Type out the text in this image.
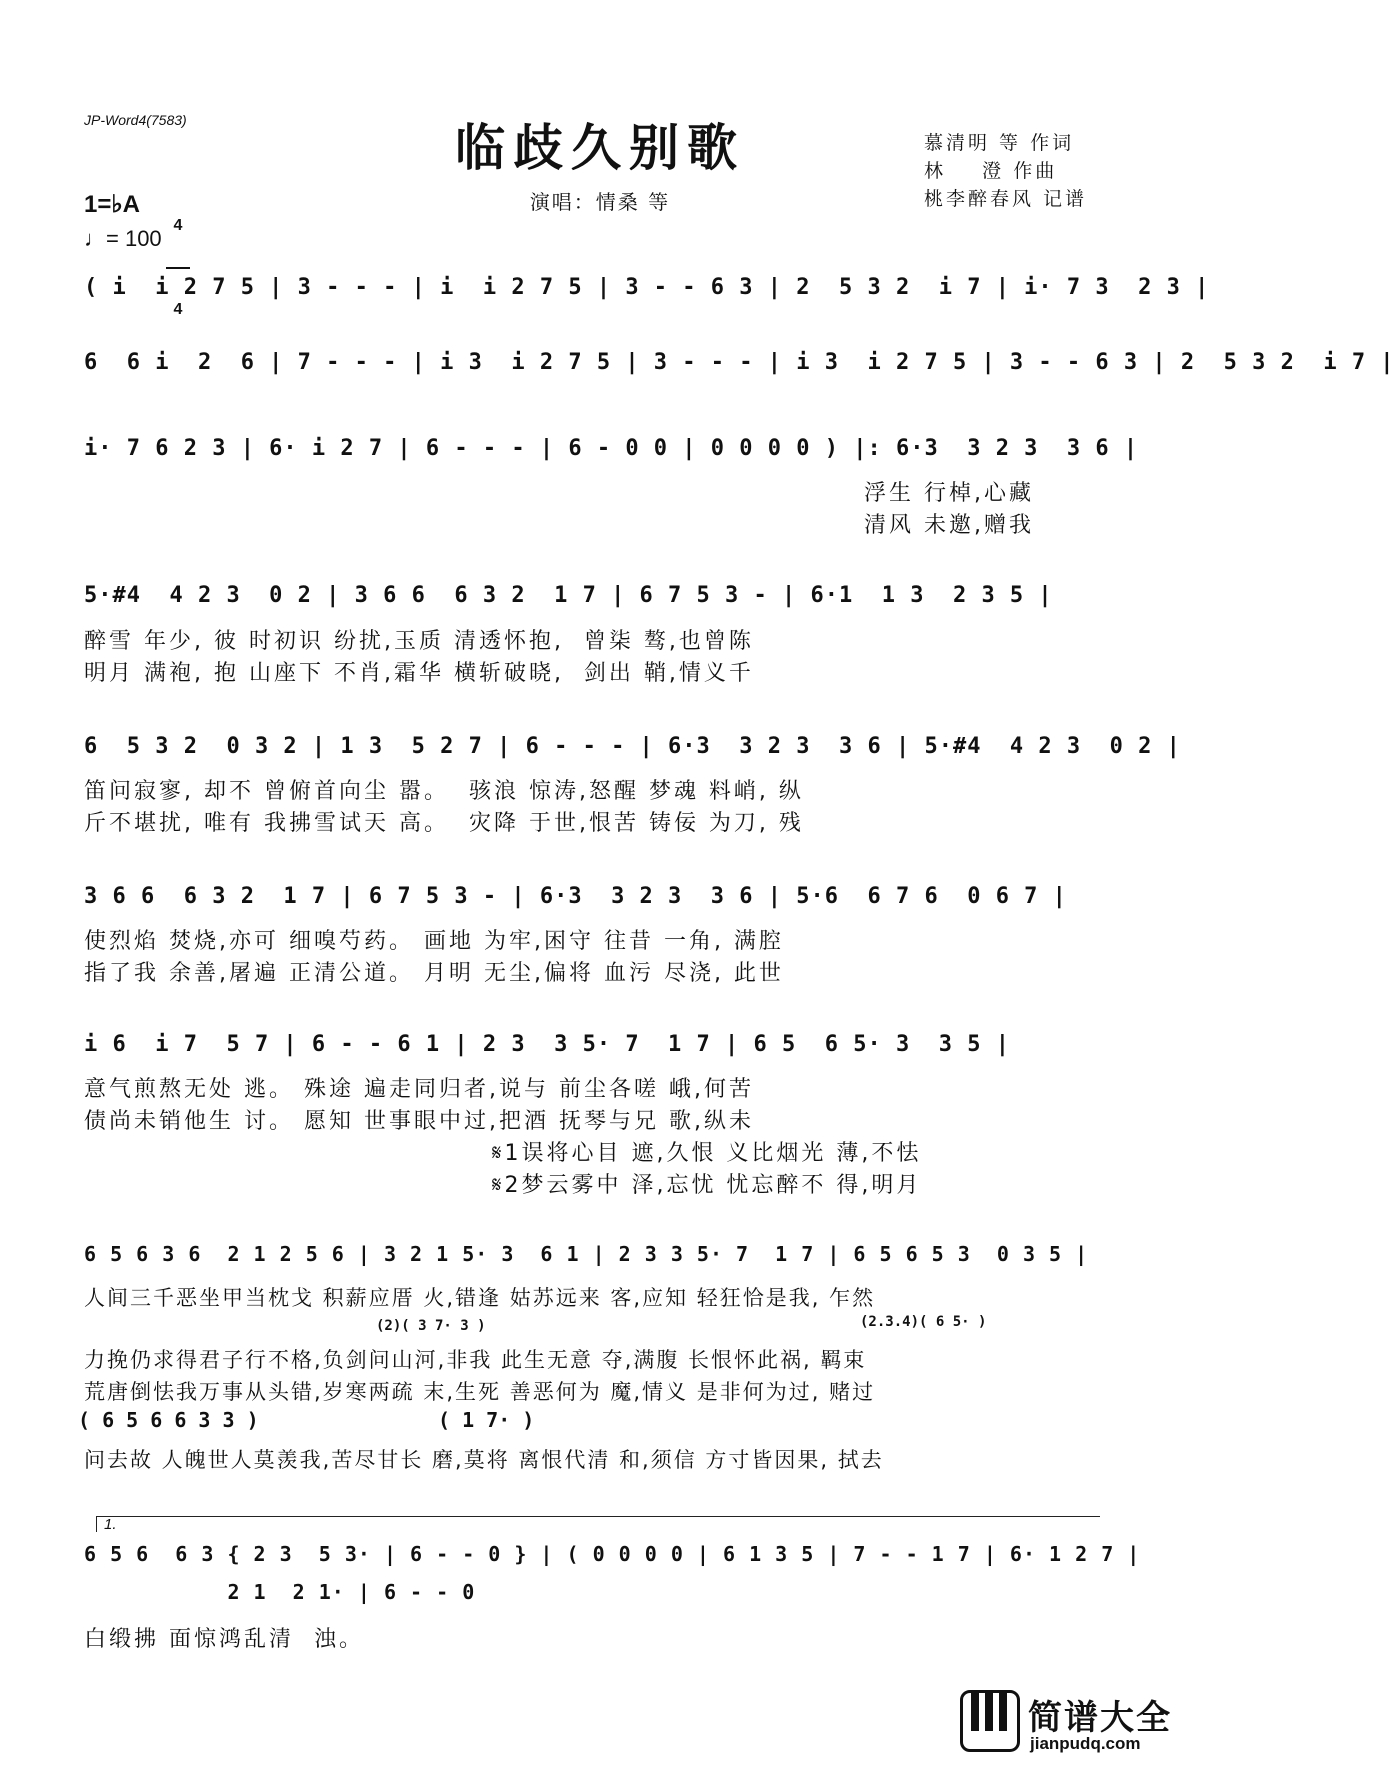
JP-Word4(7583)	临歧久别歌	慕清明 等 作词
林    澄 作曲
桃李醉春风 记谱
演唱：情桑 等
1=♭A

4

4

♩= 100
( i  i 2 7 5 | 3 - - - | i  i 2 7 5 | 3 - - 6 3 | 2  5 3 2  i 7 | i· 7 3  2 3 |
6  6 i  2  6 | 7 - - - | i 3  i 2 7 5 | 3 - - - | i 3  i 2 7 5 | 3 - - 6 3 | 2  5 3 2  i 7 |
i· 7 6 2 3 | 6· i 2 7 | 6 - - - | 6 - 0 0 | 0 0 0 0 ) |: 6·3  3 2 3  3 6 |
浮生 行棹,心藏
清风 未邀,赠我
5·#4  4 2 3  0 2 | 3 6 6  6 3 2  1 7 | 6 7 5 3 - | 6·1  1 3  2 3 5 |
醉雪 年少, 彼 时初识 纷扰,玉质 清透怀抱,  曾柒 骜,也曾陈
明月 满袍, 抱 山座下 不肖,霜华 横斩破晓,  剑出 鞘,情义千
6  5 3 2  0 3 2 | 1 3  5 2 7 | 6 - - - | 6·3  3 2 3  3 6 | 5·#4  4 2 3  0 2 |
笛问寂寥, 却不 曾俯首向尘 嚣。  骇浪 惊涛,怒醒 梦魂 料峭, 纵
斤不堪扰, 唯有 我拂雪试天 高。  灾降 于世,恨苦 铸佞 为刀, 残
3 6 6  6 3 2  1 7 | 6 7 5 3 - | 6·3  3 2 3  3 6 | 5·6  6 7 6  0 6 7 |
使烈焰 焚烧,亦可 细嗅芍药。 画地 为牢,困守 往昔 一角, 满腔
指了我 余善,屠遍 正清公道。 月明 无尘,偏将 血污 尽浇, 此世
i 6  i 7  5 7 | 6 - - 6 1 | 2 3  3 5· 7  1 7 | 6 5  6 5· 3  3 5 |
意气煎熬无处 逃。 殊途 遍走同归者,说与 前尘各嗟 峨,何苦
债尚未销他生 讨。 愿知 世事眼中过,把酒 抚琴与兄 歌,纵未
𝄋1误将心目 遮,久恨 义比烟光 薄,不怯
𝄋2梦云雾中 泽,忘忧 忧忘醉不 得,明月
6 5 6 3 6  2 1 2 5 6 | 3 2 1 5· 3  6 1 | 2 3 3 5· 7  1 7 | 6 5 6 5 3  0 3 5 |
人间三千恶坐甲当枕戈 积薪应厝 火,错逢 姑苏远来 客,应知 轻狂恰是我, 乍然
(2)( 3 7· 3 )	(2.3.4)( 6 5· )
力挽仍求得君子行不格,负剑问山河,非我 此生无意 夺,满腹 长恨怀此祸, 羁束
荒唐倒怯我万事从头错,岁寒两疏 末,生死 善恶何为 魔,情义 是非何为过, 赌过
( 6 5 6 6 3 3 )	( 1 7· )
问去故 人魄世人莫羡我,苦尽甘长 磨,莫将 离恨代清 和,须信 方寸皆因果, 拭去
1.
6 5 6  6 3 { 2 3  5 3· | 6 - - 0 } | ( 0 0 0 0 | 6 1 3 5 | 7 - - 1 7 | 6· 1 2 7 |
2 1  2 1· | 6 - - 0
白缎拂 面惊鸿乱清  浊。
简谱大全
jianpudq.com
